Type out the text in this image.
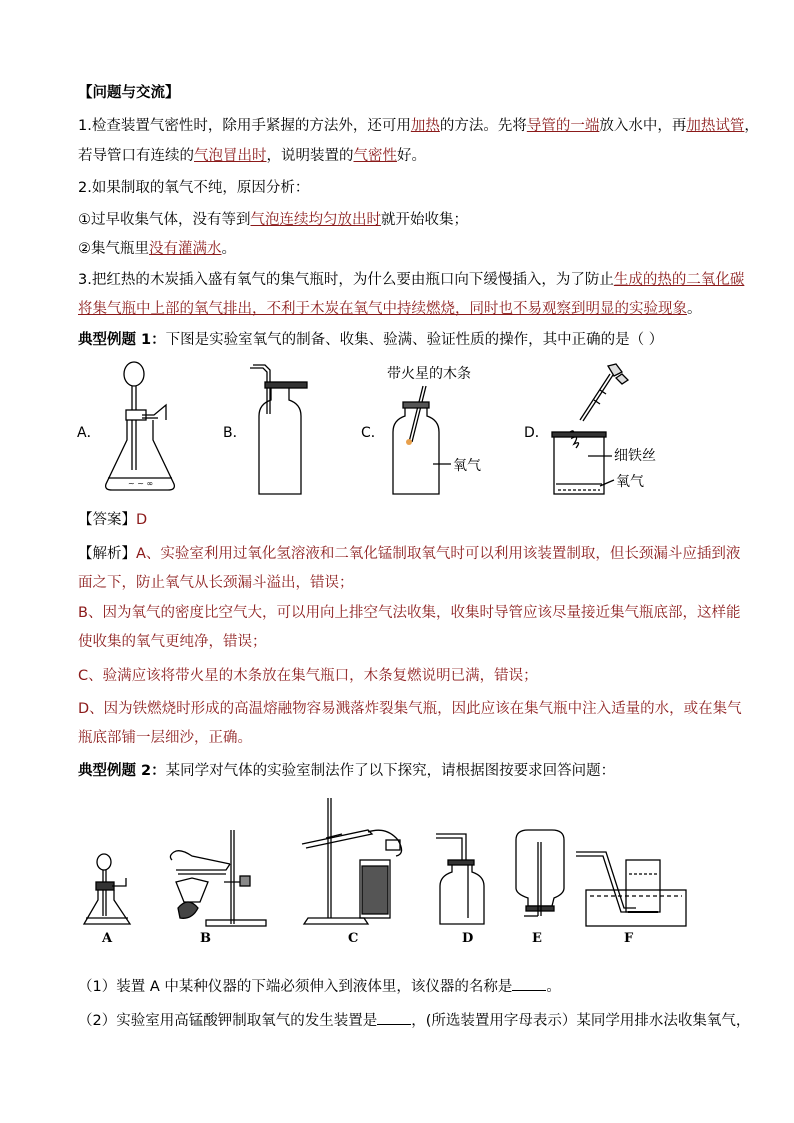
【问题与交流】
1.检查装置气密性时，除用手紧握的方法外，还可用加热的方法。先将导管的一端放入水中，再加热试管，
若导管口有连续的气泡冒出时，说明装置的气密性好。
2.如果制取的氧气不纯，原因分析：
①过早收集气体，没有等到气泡连续均匀放出时就开始收集；
②集气瓶里没有灌满水。
3.把红热的木炭插入盛有氧气的集气瓶时，为什么要由瓶口向下缓慢插入，为了防止生成的热的二氧化碳
将集气瓶中上部的氧气排出，不利于木炭在氧气中持续燃烧，同时也不易观察到明显的实验现象。
典型例题 1：下图是实验室氧气的制备、收集、验满、验证性质的操作，其中正确的是（ ）
A．	B．	C．	D．
~ ~ ∞
带火星的木条
氧气
细铁丝
氧气
【答案】D
【解析】A、实验室利用过氧化氢溶液和二氧化锰制取氧气时可以利用该装置制取，但长颈漏斗应插到液
面之下，防止氧气从长颈漏斗溢出，错误；
B、因为氧气的密度比空气大，可以用向上排空气法收集，收集时导管应该尽量接近集气瓶底部，这样能
使收集的氧气更纯净，错误；
C、验满应该将带火星的木条放在集气瓶口，木条复燃说明已满，错误；
D、因为铁燃烧时形成的高温熔融物容易溅落炸裂集气瓶，因此应该在集气瓶中注入适量的水，或在集气
瓶底部铺一层细沙，正确。
典型例题 2：某同学对气体的实验室制法作了以下探究，请根据图按要求回答问题：
A	B	C	D	E	F
（1）装置 A 中某种仪器的下端必须伸入到液体里，该仪器的名称是 。
（2）实验室用高锰酸钾制取氧气的发生装置是 ，(所选装置用字母表示）某同学用排水法收集氧气，
